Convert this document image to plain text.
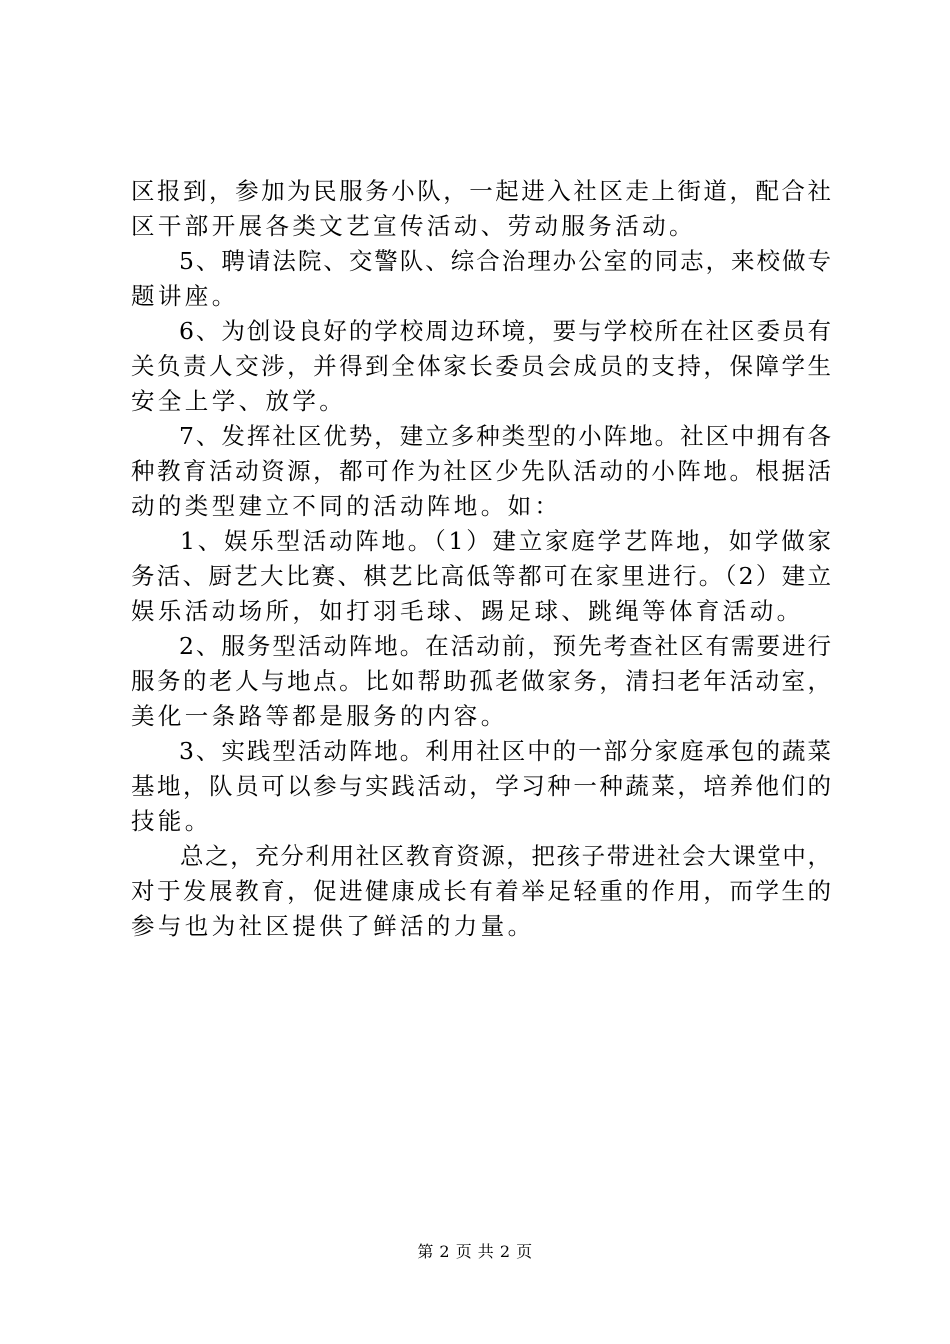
区报到，参加为民服务小队，一起进入社区走上街道，配合社
区干部开展各类文艺宣传活动、劳动服务活动。
5、聘请法院、交警队、综合治理办公室的同志，来校做专
题讲座。
6、为创设良好的学校周边环境，要与学校所在社区委员有
关负责人交涉，并得到全体家长委员会成员的支持，保障学生
安全上学、放学。
7、发挥社区优势，建立多种类型的小阵地。社区中拥有各
种教育活动资源，都可作为社区少先队活动的小阵地。根据活
动的类型建立不同的活动阵地。如：
1、娱乐型活动阵地。（1）建立家庭学艺阵地，如学做家
务活、厨艺大比赛、棋艺比高低等都可在家里进行。（2）建立
娱乐活动场所，如打羽毛球、踢足球、跳绳等体育活动。
2、服务型活动阵地。在活动前，预先考查社区有需要进行
服务的老人与地点。比如帮助孤老做家务，清扫老年活动室，
美化一条路等都是服务的内容。
3、实践型活动阵地。利用社区中的一部分家庭承包的蔬菜
基地，队员可以参与实践活动，学习种一种蔬菜，培养他们的
技能。
总之，充分利用社区教育资源，把孩子带进社会大课堂中，
对于发展教育，促进健康成长有着举足轻重的作用，而学生的
参与也为社区提供了鲜活的力量。
第 2 页 共 2 页
